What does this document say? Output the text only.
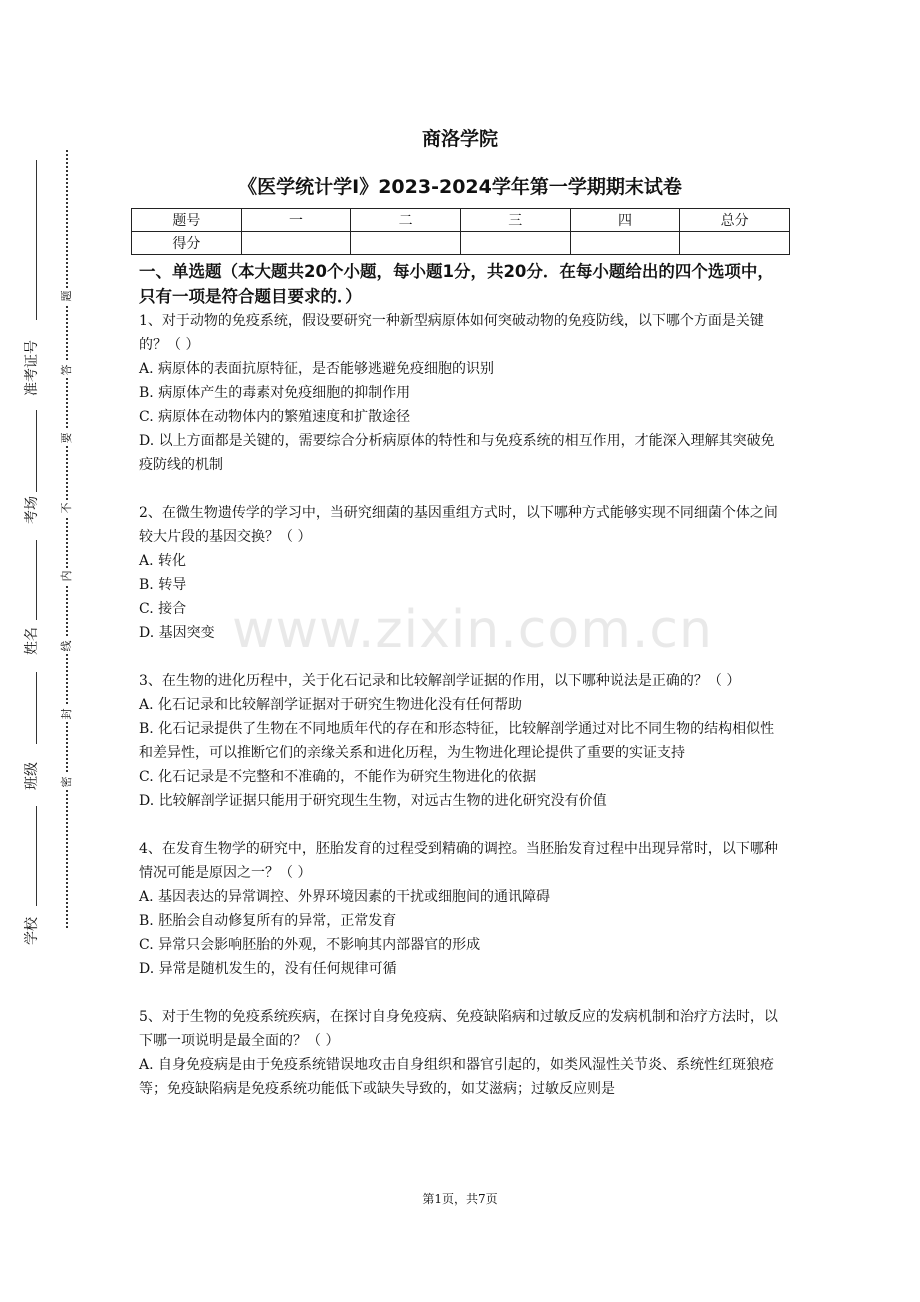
题
答
要
不
内
线
封
密
准考证号
考场
姓名
班级
学校
商洛学院
《医学统计学Ⅰ》2023-2024学年第一学期期末试卷
题号	一	二	三	四	总分
得分					
一、单选题（本大题共20个小题，每小题1分，共20分．在每小题给出的四个选项中，只有一项是符合题目要求的．）

1、对于动物的免疫系统，假设要研究一种新型病原体如何突破动物的免疫防线，以下哪个方面是关键的？（ ）

A. 病原体的表面抗原特征，是否能够逃避免疫细胞的识别

B. 病原体产生的毒素对免疫细胞的抑制作用

C. 病原体在动物体内的繁殖速度和扩散途径

D. 以上方面都是关键的，需要综合分析病原体的特性和与免疫系统的相互作用，才能深入理解其突破免疫防线的机制

2、在微生物遗传学的学习中，当研究细菌的基因重组方式时，以下哪种方式能够实现不同细菌个体之间较大片段的基因交换？（ ）

A. 转化

B. 转导

C. 接合

D. 基因突变

3、在生物的进化历程中，关于化石记录和比较解剖学证据的作用，以下哪种说法是正确的？（ ）

A. 化石记录和比较解剖学证据对于研究生物进化没有任何帮助

B. 化石记录提供了生物在不同地质年代的存在和形态特征，比较解剖学通过对比不同生物的结构相似性和差异性，可以推断它们的亲缘关系和进化历程，为生物进化理论提供了重要的实证支持

C. 化石记录是不完整和不准确的，不能作为研究生物进化的依据

D. 比较解剖学证据只能用于研究现生生物，对远古生物的进化研究没有价值

4、在发育生物学的研究中，胚胎发育的过程受到精确的调控。当胚胎发育过程中出现异常时，以下哪种情况可能是原因之一？（ ）

A. 基因表达的异常调控、外界环境因素的干扰或细胞间的通讯障碍

B. 胚胎会自动修复所有的异常，正常发育

C. 异常只会影响胚胎的外观，不影响其内部器官的形成

D. 异常是随机发生的，没有任何规律可循

5、对于生物的免疫系统疾病，在探讨自身免疫病、免疫缺陷病和过敏反应的发病机制和治疗方法时，以下哪一项说明是最全面的？（ ）

A. 自身免疫病是由于免疫系统错误地攻击自身组织和器官引起的，如类风湿性关节炎、系统性红斑狼疮等；免疫缺陷病是免疫系统功能低下或缺失导致的，如艾滋病；过敏反应则是

www.zixin.com.cn
第1页，共7页
